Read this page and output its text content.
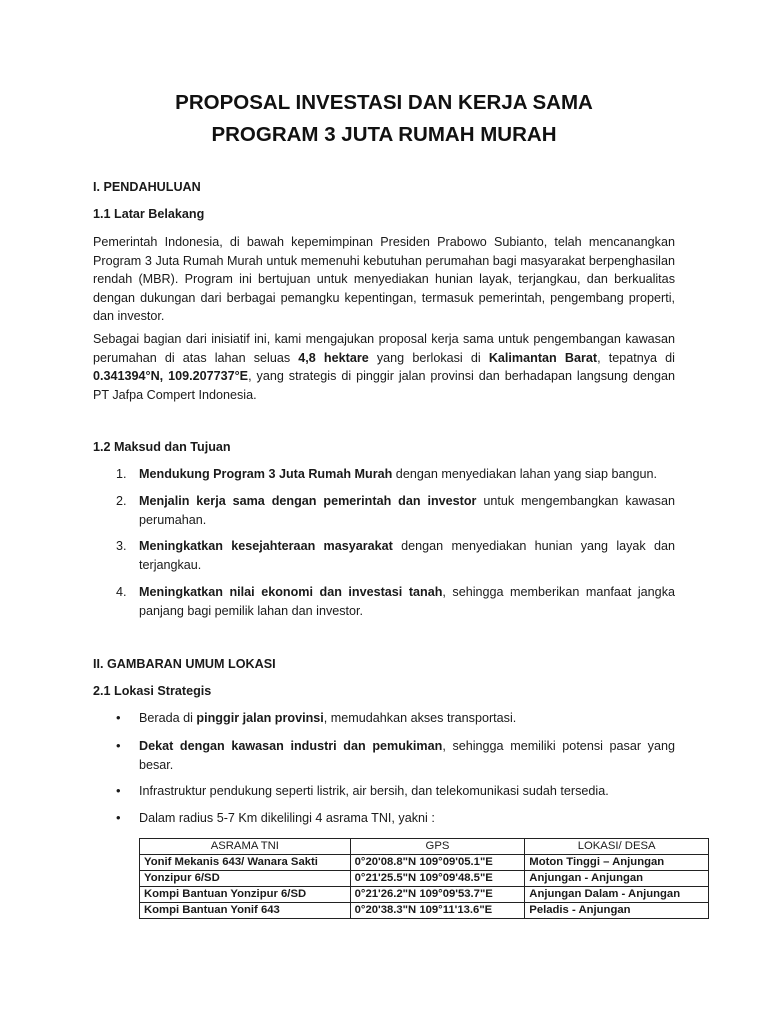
PROPOSAL INVESTASI DAN KERJA SAMA
PROGRAM 3 JUTA RUMAH MURAH
I. PENDAHULUAN
1.1 Latar Belakang
Pemerintah Indonesia, di bawah kepemimpinan Presiden Prabowo Subianto, telah mencanangkan Program 3 Juta Rumah Murah untuk memenuhi kebutuhan perumahan bagi masyarakat berpenghasilan rendah (MBR). Program ini bertujuan untuk menyediakan hunian layak, terjangkau, dan berkualitas dengan dukungan dari berbagai pemangku kepentingan, termasuk pemerintah, pengembang properti, dan investor.
Sebagai bagian dari inisiatif ini, kami mengajukan proposal kerja sama untuk pengembangan kawasan perumahan di atas lahan seluas 4,8 hektare yang berlokasi di Kalimantan Barat, tepatnya di 0.341394°N, 109.207737°E, yang strategis di pinggir jalan provinsi dan berhadapan langsung dengan PT Jafpa Compert Indonesia.
1.2 Maksud dan Tujuan
1. Mendukung Program 3 Juta Rumah Murah dengan menyediakan lahan yang siap bangun.
2. Menjalin kerja sama dengan pemerintah dan investor untuk mengembangkan kawasan perumahan.
3. Meningkatkan kesejahteraan masyarakat dengan menyediakan hunian yang layak dan terjangkau.
4. Meningkatkan nilai ekonomi dan investasi tanah, sehingga memberikan manfaat jangka panjang bagi pemilik lahan dan investor.
II. GAMBARAN UMUM LOKASI
2.1 Lokasi Strategis
• Berada di pinggir jalan provinsi, memudahkan akses transportasi.
• Dekat dengan kawasan industri dan pemukiman, sehingga memiliki potensi pasar yang besar.
• Infrastruktur pendukung seperti listrik, air bersih, dan telekomunikasi sudah tersedia.
• Dalam radius 5-7 Km dikelilingi 4 asrama TNI, yakni :
ASRAMA TNI	GPS	LOKASI/ DESA
Yonif Mekanis 643/ Wanara Sakti	0°20'08.8"N 109°09'05.1"E	Moton Tinggi – Anjungan
Yonzipur 6/SD	0°21'25.5"N 109°09'48.5"E	Anjungan - Anjungan
Kompi Bantuan Yonzipur 6/SD	0°21'26.2"N 109°09'53.7"E	Anjungan Dalam - Anjungan
Kompi Bantuan Yonif 643	0°20'38.3"N 109°11'13.6"E	Peladis - Anjungan
